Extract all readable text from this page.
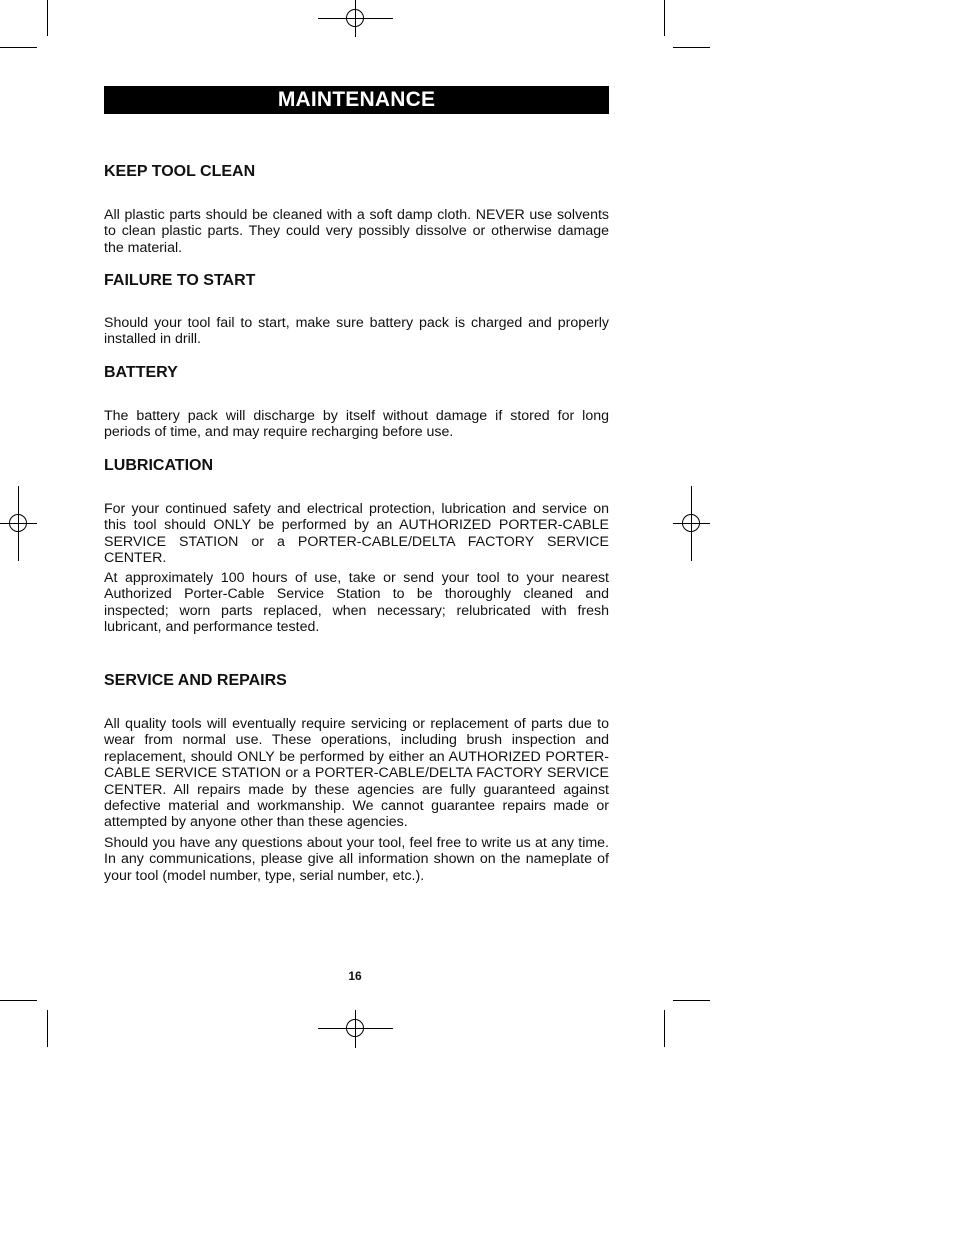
MAINTENANCE
KEEP TOOL CLEAN

All plastic parts should be cleaned with a soft damp cloth. NEVER use solvents to clean plastic parts. They could very possibly dissolve or otherwise damage the material.

FAILURE TO START

Should your tool fail to start, make sure battery pack is charged and properly installed in drill.

BATTERY

The battery pack will discharge by itself without damage if stored for long periods of time, and may require recharging before use.

LUBRICATION

For your continued safety and electrical protection, lubrication and service on this tool should ONLY be performed by an AUTHORIZED PORTER-CABLE SERVICE STATION or a PORTER-CABLE/DELTA FACTORY SERVICE CENTER.

At approximately 100 hours of use, take or send your tool to your nearest Authorized Porter-Cable Service Station to be thoroughly cleaned and inspected; worn parts replaced, when necessary; relubricated with fresh lubricant, and performance tested.

SERVICE AND REPAIRS

All quality tools will eventually require servicing or replacement of parts due to wear from normal use. These operations, including brush inspection and replacement, should ONLY be performed by either an AUTHORIZED PORTER-CABLE SERVICE STATION or a PORTER-CABLE/DELTA FACTORY SERVICE CENTER. All repairs made by these agencies are fully guaranteed against defective material and workmanship. We cannot guarantee repairs made or attempted by anyone other than these agencies.

Should you have any questions about your tool, feel free to write us at any time. In any communications, please give all information shown on the nameplate of your tool (model number, type, serial number, etc.).

16
